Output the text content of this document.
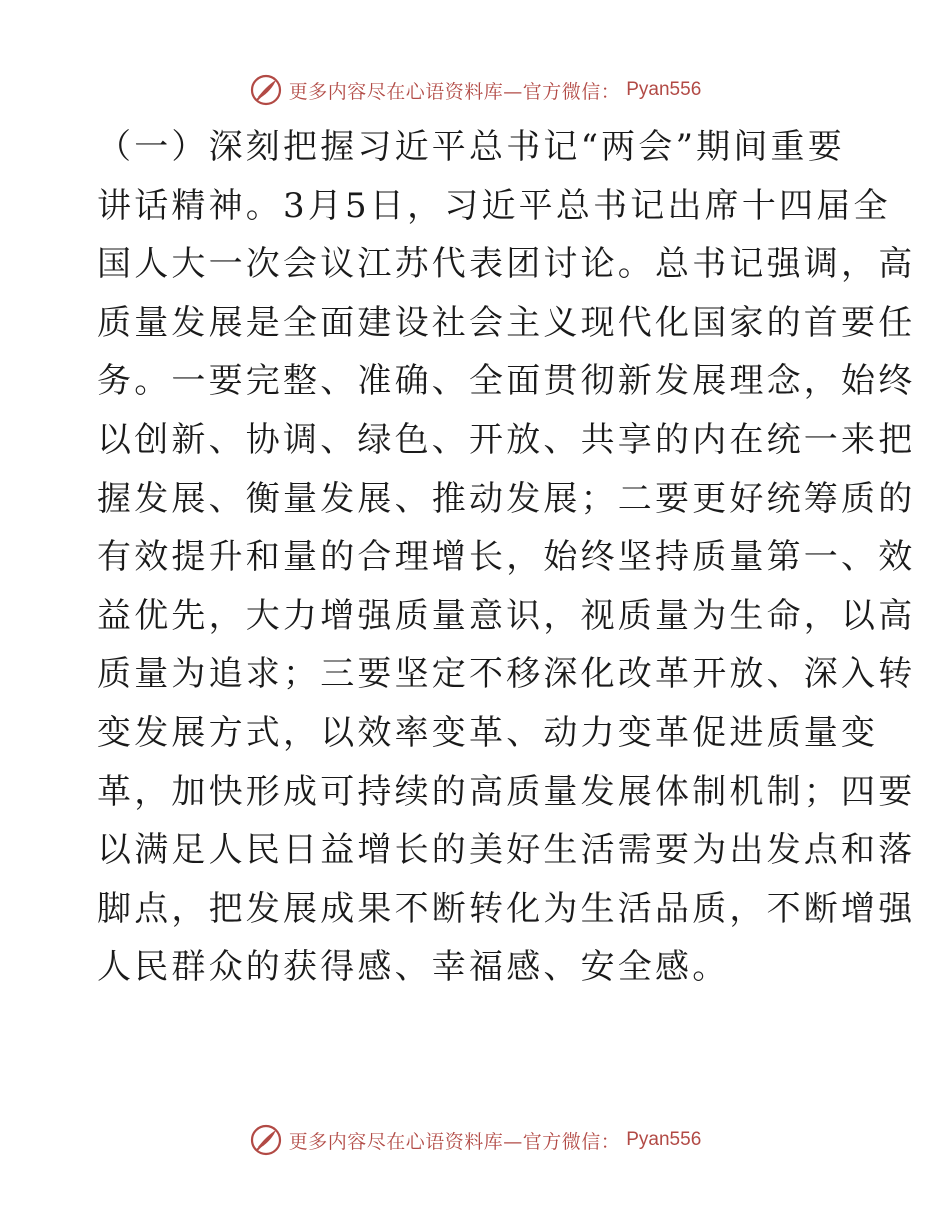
更多内容尽在心语资料库—官方微信： Pyan556
（一）深刻把握习近平总书记“两会”期间重要
讲话精神。3月5日，习近平总书记出席十四届全
国人大一次会议江苏代表团讨论。总书记强调，高
质量发展是全面建设社会主义现代化国家的首要任
务。一要完整、准确、全面贯彻新发展理念，始终
以创新、协调、绿色、开放、共享的内在统一来把
握发展、衡量发展、推动发展；二要更好统筹质的
有效提升和量的合理增长，始终坚持质量第一、效
益优先，大力增强质量意识，视质量为生命，以高
质量为追求；三要坚定不移深化改革开放、深入转
变发展方式，以效率变革、动力变革促进质量变
革，加快形成可持续的高质量发展体制机制；四要
以满足人民日益增长的美好生活需要为出发点和落
脚点，把发展成果不断转化为生活品质，不断增强
人民群众的获得感、幸福感、安全感。
更多内容尽在心语资料库—官方微信： Pyan556
